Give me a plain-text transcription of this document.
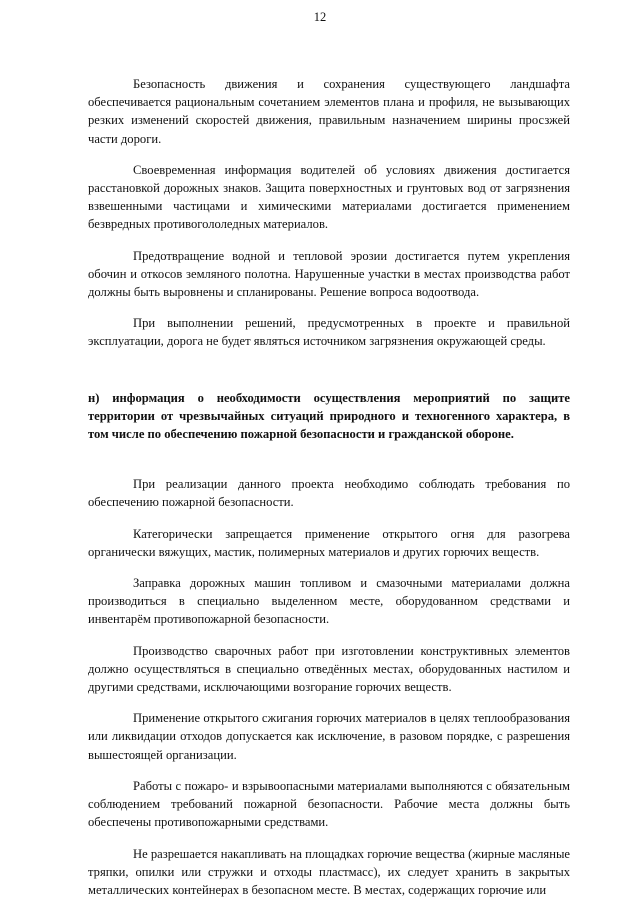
12

Безопасность движения и сохранения существующего ландшафта обеспечивается рациональным сочетанием элементов плана и профиля, не вызывающих резких изменений скоростей движения, правильным назначением ширины просзжей части дороги.

Своевременная информация водителей об условиях движения достигается расстановкой дорожных знаков. Защита поверхностных и грунтовых вод от загрязнения взвешенными частицами и химическими материалами достигается применением безвредных противогололедных материалов.

Предотвращение водной и тепловой эрозии достигается путем укрепления обочин и откосов земляного полотна. Нарушенные участки в местах производства работ должны быть выровнены и спланированы. Решение вопроса водоотвода.

При выполнении решений, предусмотренных в проекте и правильной эксплуатации, дорога не будет являться источником загрязнения окружающей среды.

н) информация о необходимости осуществления мероприятий по защите территории от чрезвычайных ситуаций природного и техногенного характера, в том числе по обеспечению пожарной безопасности и гражданской обороне.

При реализации данного проекта необходимо соблюдать требования по обеспечению пожарной безопасности.

Категорически запрещается применение открытого огня для разогрева органически вяжущих, мастик, полимерных материалов и других горючих веществ.

Заправка дорожных машин топливом и смазочными материалами должна производиться в специально выделенном месте, оборудованном средствами и инвентарём противопожарной безопасности.

Производство сварочных работ при изготовлении конструктивных элементов должно осуществляться в специально отведённых местах, оборудованных настилом и другими средствами, исключающими возгорание горючих веществ.

Применение открытого сжигания горючих материалов в целях теплообразования или ликвидации отходов допускается как исключение, в разовом порядке, с разрешения вышестоящей организации.

Работы с пожаро- и взрывоопасными материалами выполняются с обязательным соблюдением требований пожарной безопасности. Рабочие места должны быть обеспечены противопожарными средствами.

Не разрешается накапливать на площадках горючие вещества (жирные масляные тряпки, опилки или стружки и отходы пластмасс), их следует хранить в закрытых металлических контейнерах в безопасном месте. В местах, содержащих горючие или
